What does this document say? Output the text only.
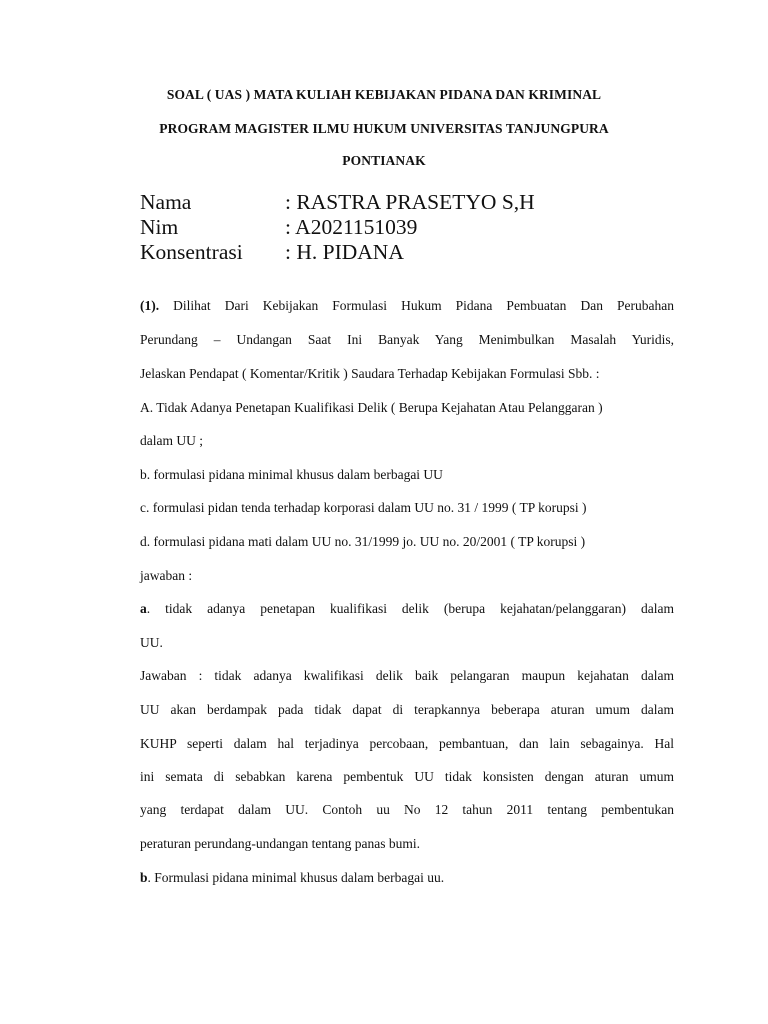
SOAL ( UAS ) MATA KULIAH KEBIJAKAN PIDANA DAN KRIMINAL
PROGRAM MAGISTER ILMU HUKUM UNIVERSITAS TANJUNGPURA
PONTIANAK
Nama	: RASTRA PRASETYO S,H
Nim	: A2021151039
Konsentrasi : H. PIDANA
(1). Dilihat Dari Kebijakan Formulasi Hukum Pidana Pembuatan Dan Perubahan
Perundang – Undangan Saat Ini Banyak Yang Menimbulkan Masalah Yuridis,
Jelaskan Pendapat ( Komentar/Kritik ) Saudara Terhadap Kebijakan Formulasi Sbb. :
A. Tidak Adanya Penetapan Kualifikasi Delik ( Berupa Kejahatan Atau Pelanggaran )
dalam UU ;
b. formulasi pidana minimal khusus dalam berbagai UU
c. formulasi pidan tenda terhadap korporasi dalam UU no. 31 / 1999 ( TP korupsi )
d. formulasi pidana mati dalam UU no. 31/1999 jo. UU no. 20/2001 ( TP korupsi )
jawaban :
a. tidak adanya penetapan kualifikasi delik (berupa kejahatan/pelanggaran) dalam
UU.
Jawaban : tidak adanya kwalifikasi delik baik pelangaran maupun kejahatan dalam
UU akan berdampak pada tidak dapat di terapkannya beberapa aturan umum dalam
KUHP seperti dalam hal terjadinya percobaan, pembantuan, dan lain sebagainya. Hal
ini semata di sebabkan karena pembentuk UU tidak konsisten dengan aturan umum
yang terdapat dalam UU. Contoh uu No 12 tahun 2011 tentang pembentukan
peraturan perundang-undangan tentang panas bumi.
b. Formulasi pidana minimal khusus dalam berbagai uu.
